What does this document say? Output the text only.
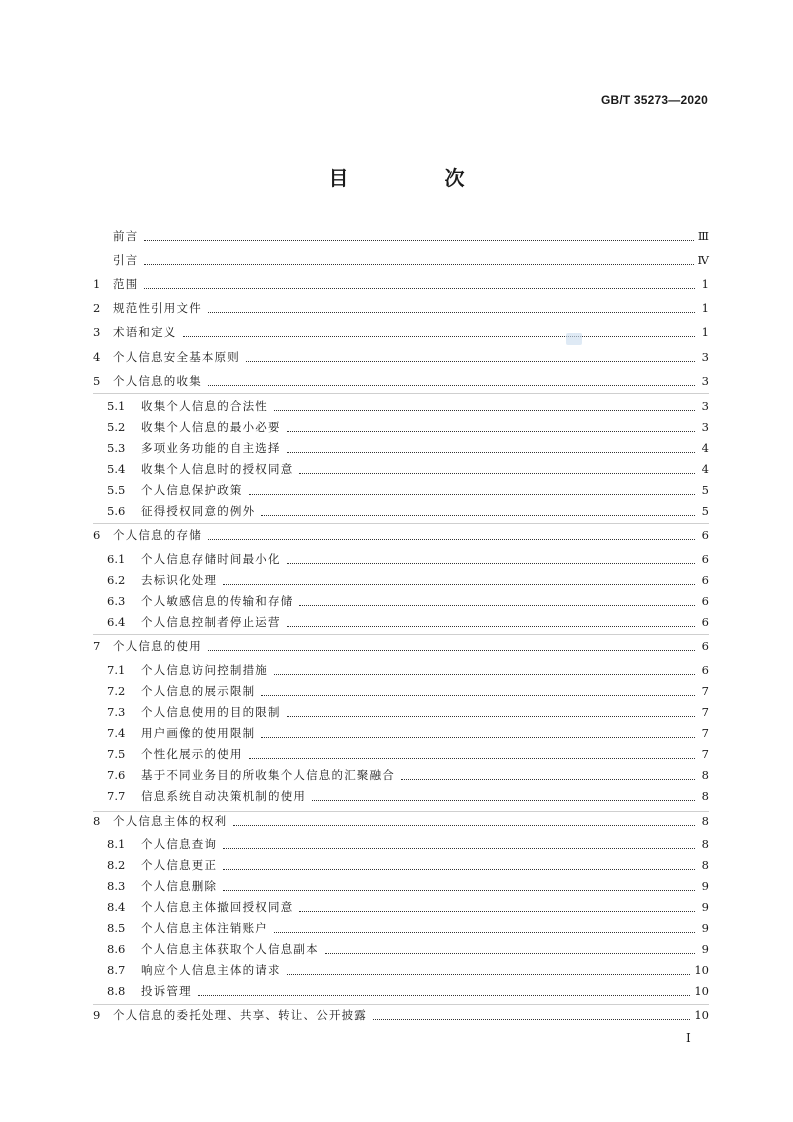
GB/T 35273—2020
目　次
前言	Ⅲ
引言	Ⅳ
1	范围	1
2	规范性引用文件	1
3	术语和定义	1
4	个人信息安全基本原则	3
5	个人信息的收集	3
5.1	收集个人信息的合法性	3
5.2	收集个人信息的最小必要	3
5.3	多项业务功能的自主选择	4
5.4	收集个人信息时的授权同意	4
5.5	个人信息保护政策	5
5.6	征得授权同意的例外	5
6	个人信息的存储	6
6.1	个人信息存储时间最小化	6
6.2	去标识化处理	6
6.3	个人敏感信息的传输和存储	6
6.4	个人信息控制者停止运营	6
7	个人信息的使用	6
7.1	个人信息访问控制措施	6
7.2	个人信息的展示限制	7
7.3	个人信息使用的目的限制	7
7.4	用户画像的使用限制	7
7.5	个性化展示的使用	7
7.6	基于不同业务目的所收集个人信息的汇聚融合	8
7.7	信息系统自动决策机制的使用	8
8	个人信息主体的权利	8
8.1	个人信息查询	8
8.2	个人信息更正	8
8.3	个人信息删除	9
8.4	个人信息主体撤回授权同意	9
8.5	个人信息主体注销账户	9
8.6	个人信息主体获取个人信息副本	9
8.7	响应个人信息主体的请求	10
8.8	投诉管理	10
9	个人信息的委托处理、共享、转让、公开披露	10
Ⅰ
